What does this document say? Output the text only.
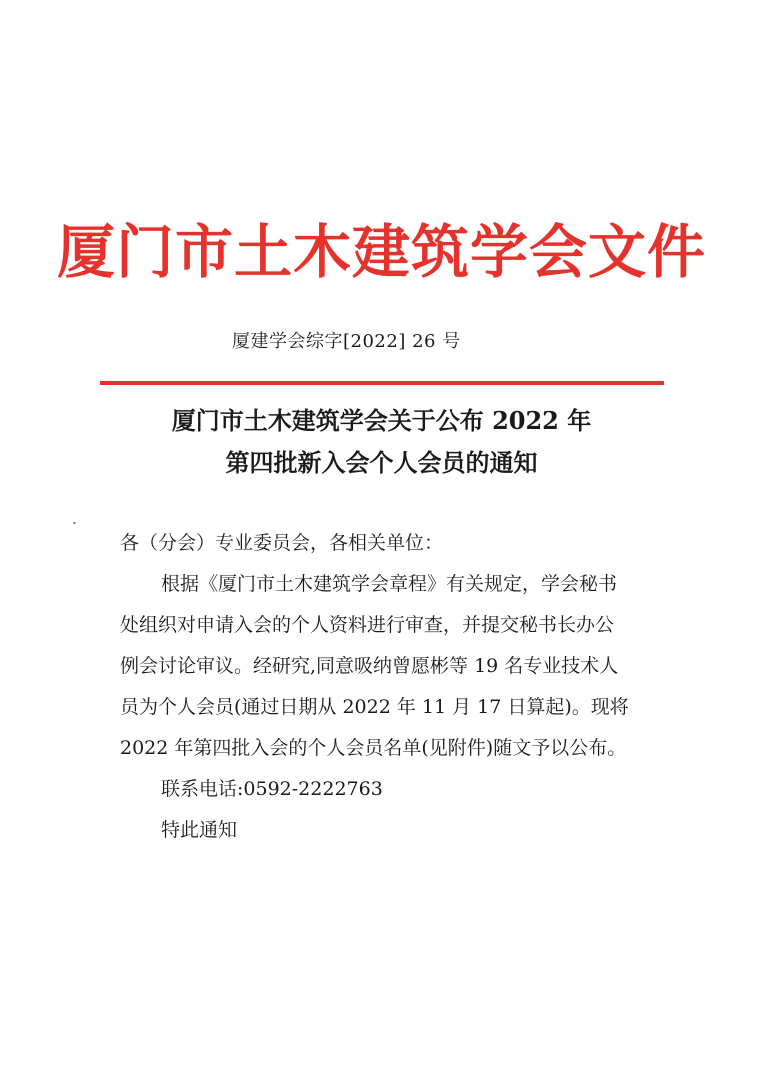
厦门市土木建筑学会文件
厦建学会综字[2022] 26 号
厦门市土木建筑学会关于公布 2022 年
第四批新入会个人会员的通知
各（分会）专业委员会，各相关单位：
根据《厦门市土木建筑学会章程》有关规定，学会秘书
处组织对申请入会的个人资料进行审查，并提交秘书长办公
例会讨论审议。经研究,同意吸纳曾愿彬等 19 名专业技术人
员为个人会员(通过日期从 2022 年 11 月 17 日算起)。现将
2022 年第四批入会的个人会员名单(见附件)随文予以公布。
联系电话:0592-2222763
特此通知
